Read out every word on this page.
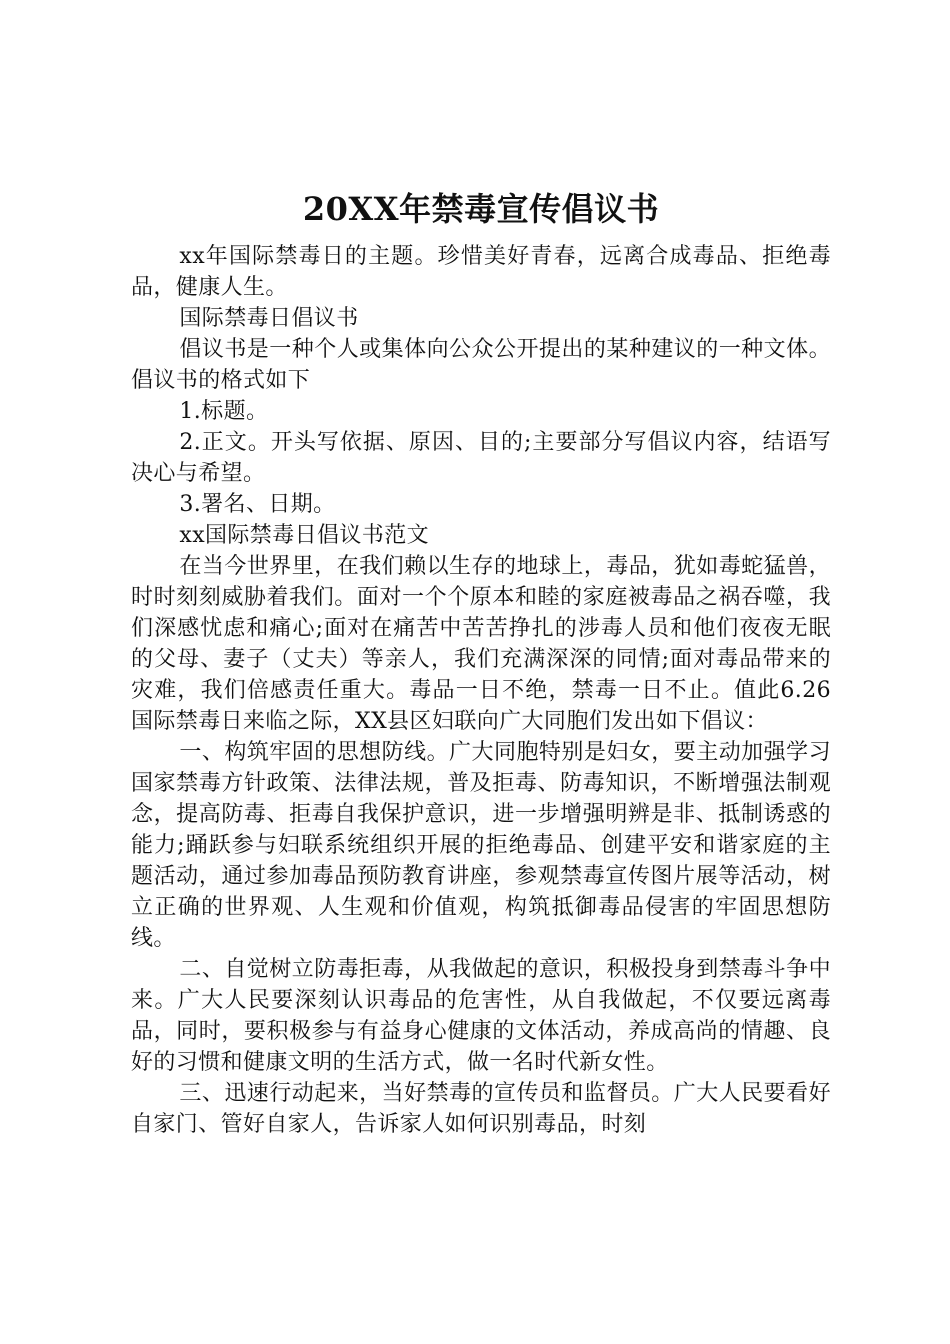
20XX年禁毒宣传倡议书

xx年国际禁毒日的主题。珍惜美好青春，远离合成毒品、拒绝毒品，健康人生。

国际禁毒日倡议书

倡议书是一种个人或集体向公众公开提出的某种建议的一种文体。倡议书的格式如下

1.标题。

2.正文。开头写依据、原因、目的;主要部分写倡议内容，结语写决心与希望。

3.署名、日期。

xx国际禁毒日倡议书范文

在当今世界里，在我们赖以生存的地球上，毒品，犹如毒蛇猛兽，时时刻刻威胁着我们。面对一个个原本和睦的家庭被毒品之祸吞噬，我们深感忧虑和痛心;面对在痛苦中苦苦挣扎的涉毒人员和他们夜夜无眠的父母、妻子（丈夫）等亲人，我们充满深深的同情;面对毒品带来的灾难，我们倍感责任重大。毒品一日不绝，禁毒一日不止。值此6.26国际禁毒日来临之际，XX县区妇联向广大同胞们发出如下倡议：

一、构筑牢固的思想防线。广大同胞特别是妇女，要主动加强学习国家禁毒方针政策、法律法规，普及拒毒、防毒知识，不断增强法制观念，提高防毒、拒毒自我保护意识，进一步增强明辨是非、抵制诱惑的能力;踊跃参与妇联系统组织开展的拒绝毒品、创建平安和谐家庭的主题活动，通过参加毒品预防教育讲座，参观禁毒宣传图片展等活动，树立正确的世界观、人生观和价值观，构筑抵御毒品侵害的牢固思想防线。

二、自觉树立防毒拒毒，从我做起的意识，积极投身到禁毒斗争中来。广大人民要深刻认识毒品的危害性，从自我做起，不仅要远离毒品，同时，要积极参与有益身心健康的文体活动，养成高尚的情趣、良好的习惯和健康文明的生活方式，做一名时代新女性。

三、迅速行动起来，当好禁毒的宣传员和监督员。广大人民要看好自家门、管好自家人，告诉家人如何识别毒品，时刻
